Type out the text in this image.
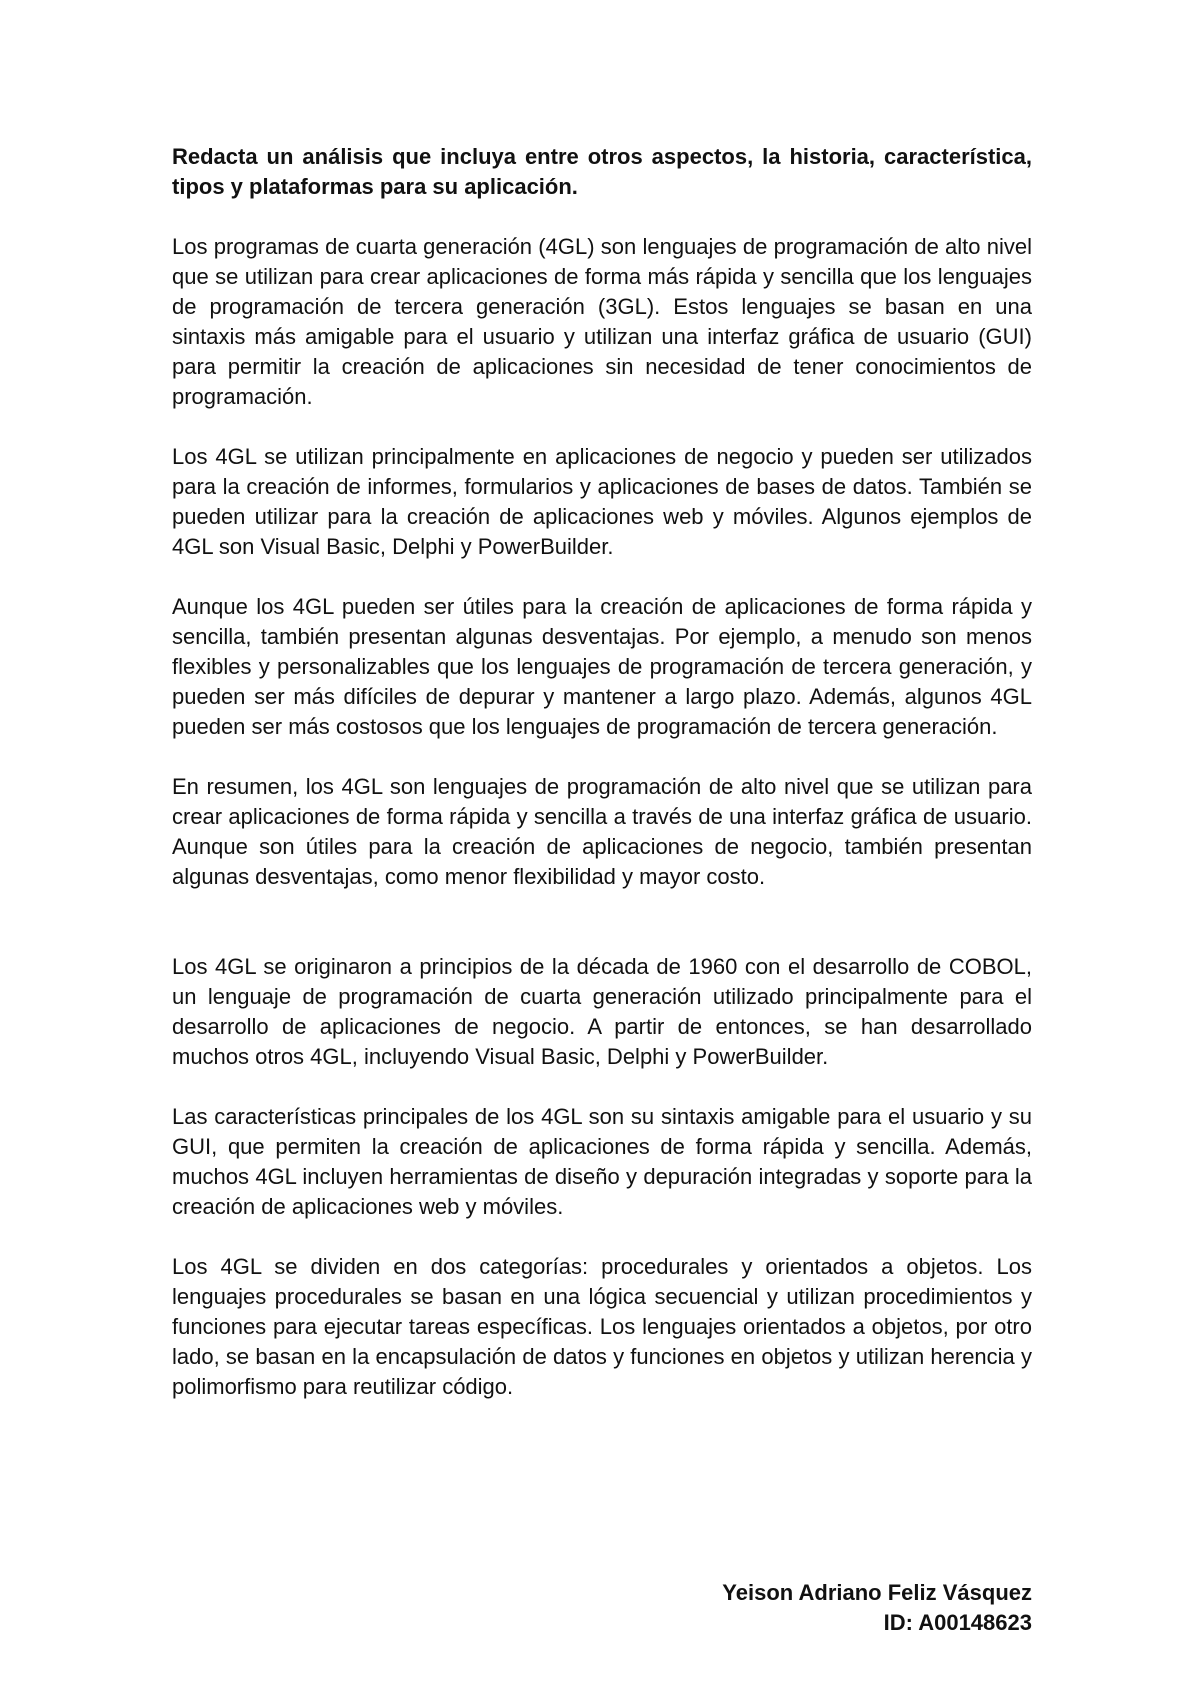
Redacta un análisis que incluya entre otros aspectos, la historia, característica, tipos y plataformas para su aplicación.

Los programas de cuarta generación (4GL) son lenguajes de programación de alto nivel que se utilizan para crear aplicaciones de forma más rápida y sencilla que los lenguajes de programación de tercera generación (3GL). Estos lenguajes se basan en una sintaxis más amigable para el usuario y utilizan una interfaz gráfica de usuario (GUI) para permitir la creación de aplicaciones sin necesidad de tener conocimientos de programación.

Los 4GL se utilizan principalmente en aplicaciones de negocio y pueden ser utilizados para la creación de informes, formularios y aplicaciones de bases de datos. También se pueden utilizar para la creación de aplicaciones web y móviles. Algunos ejemplos de 4GL son Visual Basic, Delphi y PowerBuilder.

Aunque los 4GL pueden ser útiles para la creación de aplicaciones de forma rápida y sencilla, también presentan algunas desventajas. Por ejemplo, a menudo son menos flexibles y personalizables que los lenguajes de programación de tercera generación, y pueden ser más difíciles de depurar y mantener a largo plazo. Además, algunos 4GL pueden ser más costosos que los lenguajes de programación de tercera generación.

En resumen, los 4GL son lenguajes de programación de alto nivel que se utilizan para crear aplicaciones de forma rápida y sencilla a través de una interfaz gráfica de usuario. Aunque son útiles para la creación de aplicaciones de negocio, también presentan algunas desventajas, como menor flexibilidad y mayor costo.

Los 4GL se originaron a principios de la década de 1960 con el desarrollo de COBOL, un lenguaje de programación de cuarta generación utilizado principalmente para el desarrollo de aplicaciones de negocio. A partir de entonces, se han desarrollado muchos otros 4GL, incluyendo Visual Basic, Delphi y PowerBuilder.

Las características principales de los 4GL son su sintaxis amigable para el usuario y su GUI, que permiten la creación de aplicaciones de forma rápida y sencilla. Además, muchos 4GL incluyen herramientas de diseño y depuración integradas y soporte para la creación de aplicaciones web y móviles.

Los 4GL se dividen en dos categorías: procedurales y orientados a objetos. Los lenguajes procedurales se basan en una lógica secuencial y utilizan procedimientos y funciones para ejecutar tareas específicas. Los lenguajes orientados a objetos, por otro lado, se basan en la encapsulación de datos y funciones en objetos y utilizan herencia y polimorfismo para reutilizar código.

Yeison Adriano Feliz Vásquez
ID: A00148623
